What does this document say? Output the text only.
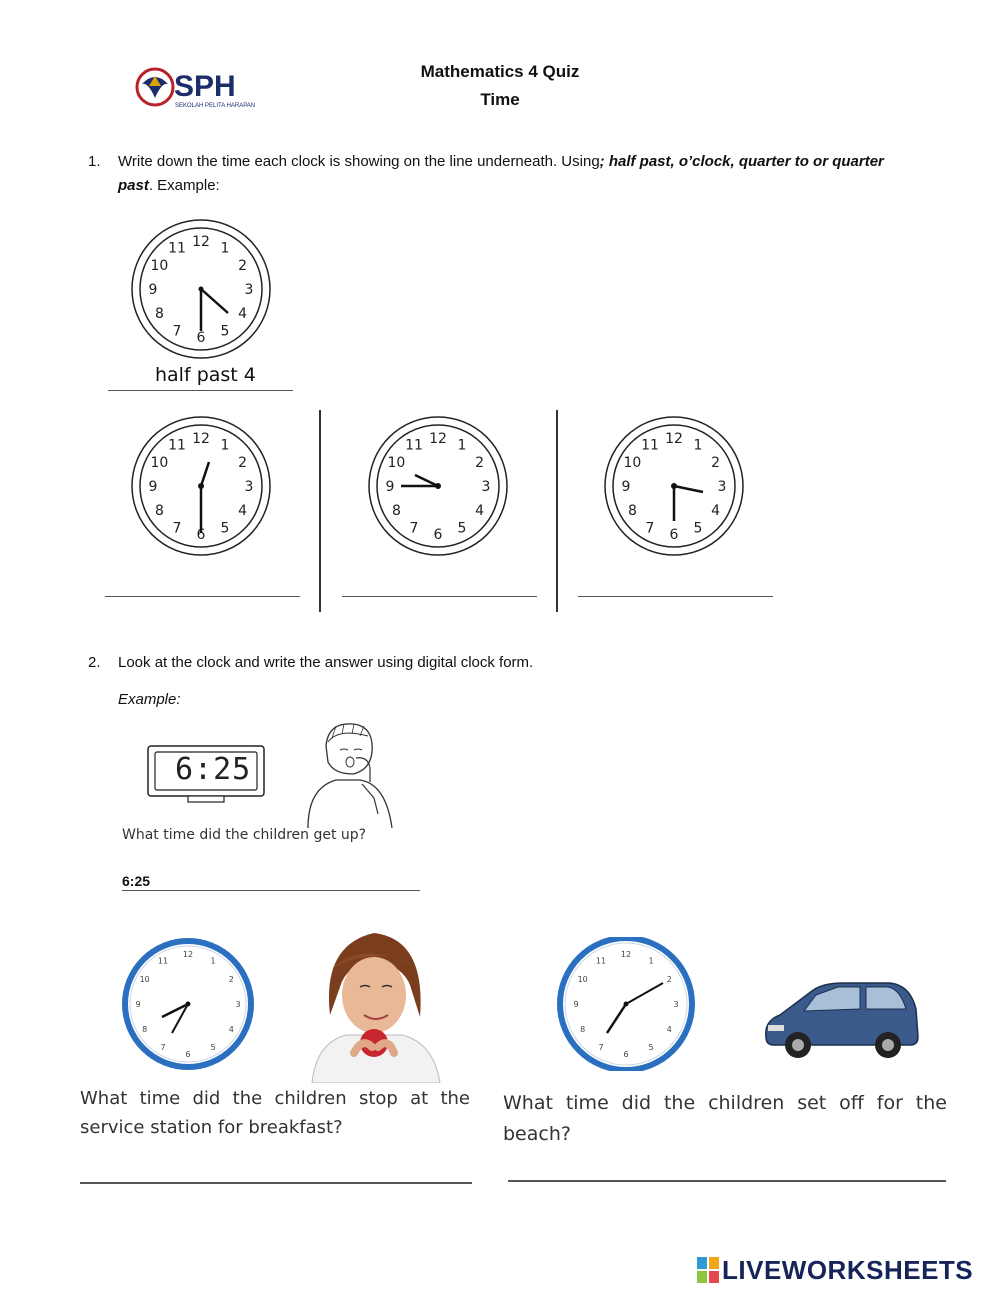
SPH
SEKOLAH PELITA HARAPAN
Mathematics 4 Quiz
Time
1. Write down the time each clock is showing on the line underneath. Using; half past, o’clock, quarter to or quarter past. Example:
12 1
2
3
4
5
6
7
8
9
10
11
half past 4
12 1
2
3
4
5
6
7
8
9
10
11	12 1
2
3
4
5
6
7
8
9
10
11	12 1
2
3
4
5
6
7
8
9
10
11
2. Look at the clock and write the answer using digital clock form.
Example:
6:25
What time did the children get up?
6:25
12
1
2
3
4
5
6
7
8
9
10
11
What time did the children stop at the service station for breakfast?
12
1
2
3
4
5
6
7
8
9
10
11
What time did the children set off for the beach?
LIVEWORKSHEETS
